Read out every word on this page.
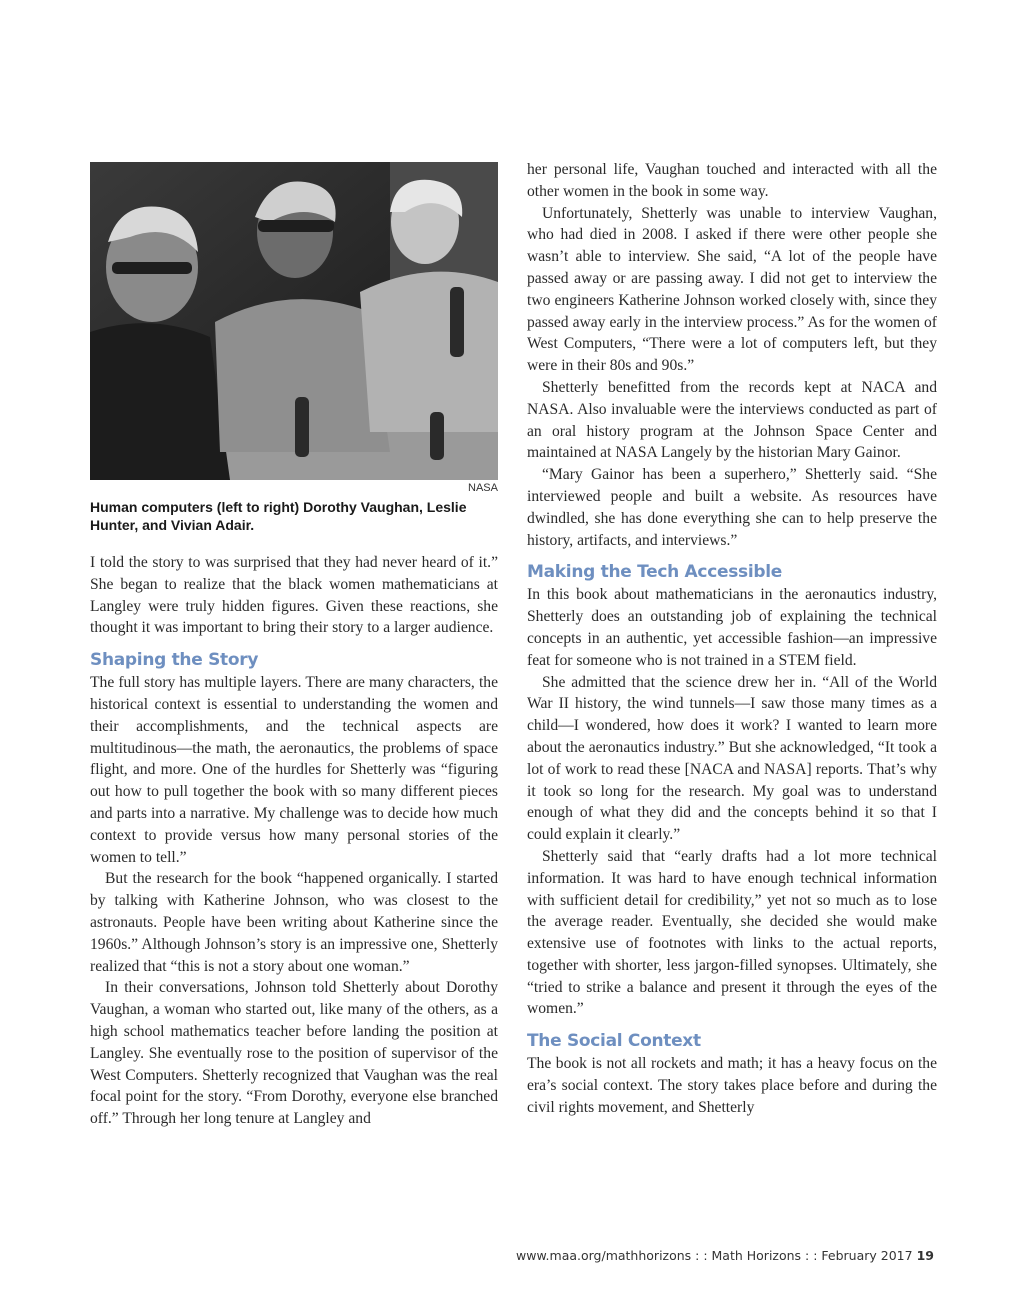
NASA
Human computers (left to right) Dorothy Vaughan, Leslie Hunter, and Vivian Adair.

I told the story to was surprised that they had never heard of it.” She began to realize that the black women mathematicians at Langley were truly hidden figures. Given these reactions, she thought it was important to bring their story to a larger audience.

Shaping the Story

The full story has multiple layers. There are many characters, the historical context is essential to understanding the women and their accomplishments, and the technical aspects are multitudinous—the math, the aeronautics, the problems of space flight, and more. One of the hurdles for Shetterly was “figuring out how to pull together the book with so many different pieces and parts into a narrative. My challenge was to decide how much context to provide versus how many personal stories of the women to tell.”

But the research for the book “happened organically. I started by talking with Katherine Johnson, who was closest to the astronauts. People have been writing about Katherine since the 1960s.” Although Johnson’s story is an impressive one, Shetterly realized that “this is not a story about one woman.”

In their conversations, Johnson told Shetterly about Dorothy Vaughan, a woman who started out, like many of the others, as a high school mathematics teacher before landing the position at Langley. She eventually rose to the position of supervisor of the West Computers. Shetterly recognized that Vaughan was the real focal point for the story. “From Dorothy, everyone else branched off.” Through her long tenure at Langley and

her personal life, Vaughan touched and interacted with all the other women in the book in some way.

Unfortunately, Shetterly was unable to interview Vaughan, who had died in 2008. I asked if there were other people she wasn’t able to interview. She said, “A lot of the people have passed away or are passing away. I did not get to interview the two engineers Katherine Johnson worked closely with, since they passed away early in the interview process.” As for the women of West Computers, “There were a lot of computers left, but they were in their 80s and 90s.”

Shetterly benefitted from the records kept at NACA and NASA. Also invaluable were the interviews conducted as part of an oral history program at the Johnson Space Center and maintained at NASA Langely by the historian Mary Gainor.

“Mary Gainor has been a superhero,” Shetterly said. “She interviewed people and built a website. As resources have dwindled, she has done everything she can to help preserve the history, artifacts, and interviews.”

Making the Tech Accessible

In this book about mathematicians in the aeronautics industry, Shetterly does an outstanding job of explaining the technical concepts in an authentic, yet accessible fashion—an impressive feat for someone who is not trained in a STEM field.

She admitted that the science drew her in. “All of the World War II history, the wind tunnels—I saw those many times as a child—I wondered, how does it work? I wanted to learn more about the aeronautics industry.” But she acknowledged, “It took a lot of work to read these [NACA and NASA] reports. That’s why it took so long for the research. My goal was to understand enough of what they did and the concepts behind it so that I could explain it clearly.”

Shetterly said that “early drafts had a lot more technical information. It was hard to have enough technical information with sufficient detail for credibility,” yet not so much as to lose the average reader. Eventually, she decided she would make extensive use of footnotes with links to the actual reports, together with shorter, less jargon-filled synopses. Ultimately, she “tried to strike a balance and present it through the eyes of the women.”

The Social Context

The book is not all rockets and math; it has a heavy focus on the era’s social context. The story takes place before and during the civil rights movement, and Shetterly

www.maa.org/mathhorizons : : Math Horizons : : February 2017 19
